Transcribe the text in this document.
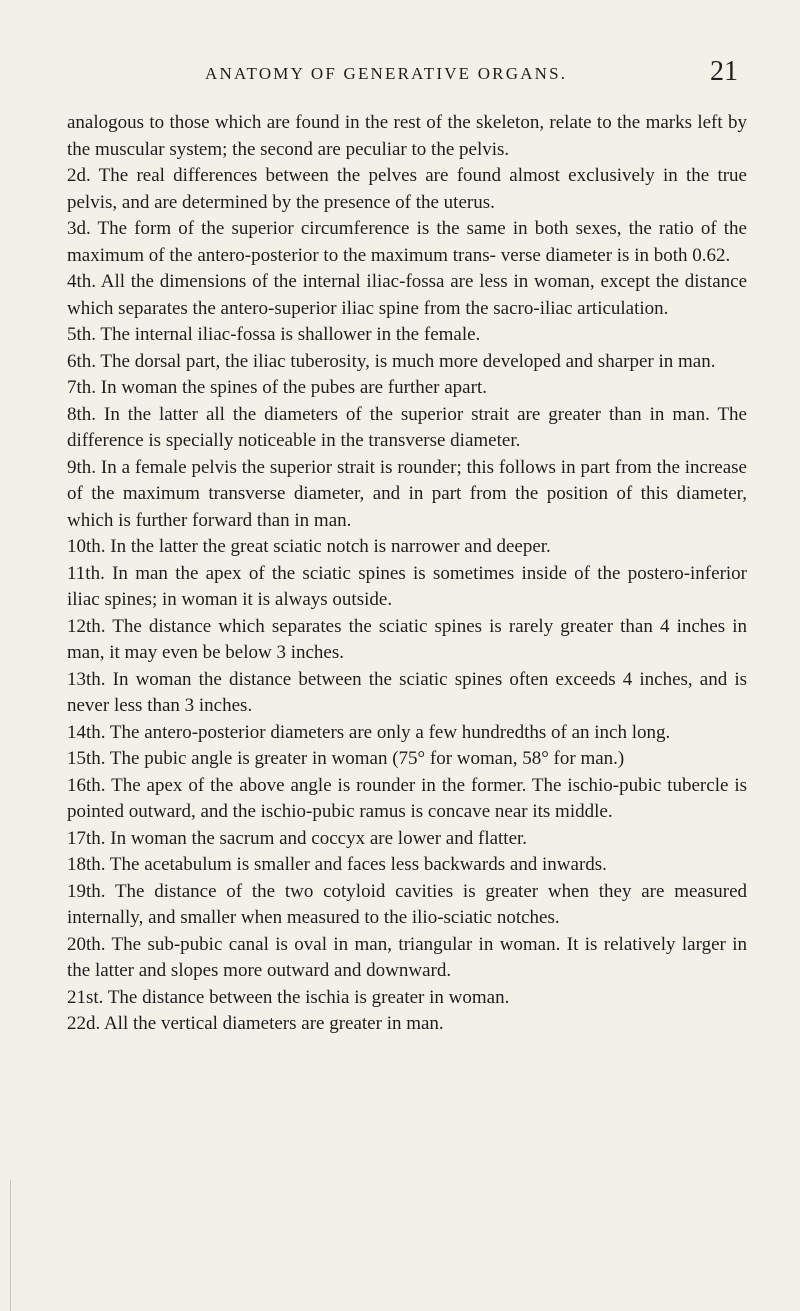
ANATOMY OF GENERATIVE ORGANS.	21

analogous to those which are found in the rest of the skeleton, relate to the marks left by the muscular system; the second are peculiar to the pelvis.

2d. The real differences between the pelves are found almost exclusively in the true pelvis, and are determined by the presence of the uterus.

3d. The form of the superior circumference is the same in both sexes, the ratio of the maximum of the antero-posterior to the maximum trans- verse diameter is in both 0.62.

4th. All the dimensions of the internal iliac-fossa are less in woman, except the distance which separates the antero-superior iliac spine from the sacro-iliac articulation.

5th. The internal iliac-fossa is shallower in the female.

6th. The dorsal part, the iliac tuberosity, is much more developed and sharper in man.

7th. In woman the spines of the pubes are further apart.

8th. In the latter all the diameters of the superior strait are greater than in man. The difference is specially noticeable in the transverse diameter.

9th. In a female pelvis the superior strait is rounder; this follows in part from the increase of the maximum transverse diameter, and in part from the position of this diameter, which is further forward than in man.

10th. In the latter the great sciatic notch is narrower and deeper.

11th. In man the apex of the sciatic spines is sometimes inside of the postero-inferior iliac spines; in woman it is always outside.

12th. The distance which separates the sciatic spines is rarely greater than 4 inches in man, it may even be below 3 inches.

13th. In woman the distance between the sciatic spines often exceeds 4 inches, and is never less than 3 inches.

14th. The antero-posterior diameters are only a few hundredths of an inch long.

15th. The pubic angle is greater in woman (75° for woman, 58° for man.)

16th. The apex of the above angle is rounder in the former. The ischio-pubic tubercle is pointed outward, and the ischio-pubic ramus is concave near its middle.

17th. In woman the sacrum and coccyx are lower and flatter.

18th. The acetabulum is smaller and faces less backwards and inwards.

19th. The distance of the two cotyloid cavities is greater when they are measured internally, and smaller when measured to the ilio-sciatic notches.

20th. The sub-pubic canal is oval in man, triangular in woman. It is relatively larger in the latter and slopes more outward and downward.

21st. The distance between the ischia is greater in woman.

22d. All the vertical diameters are greater in man.
